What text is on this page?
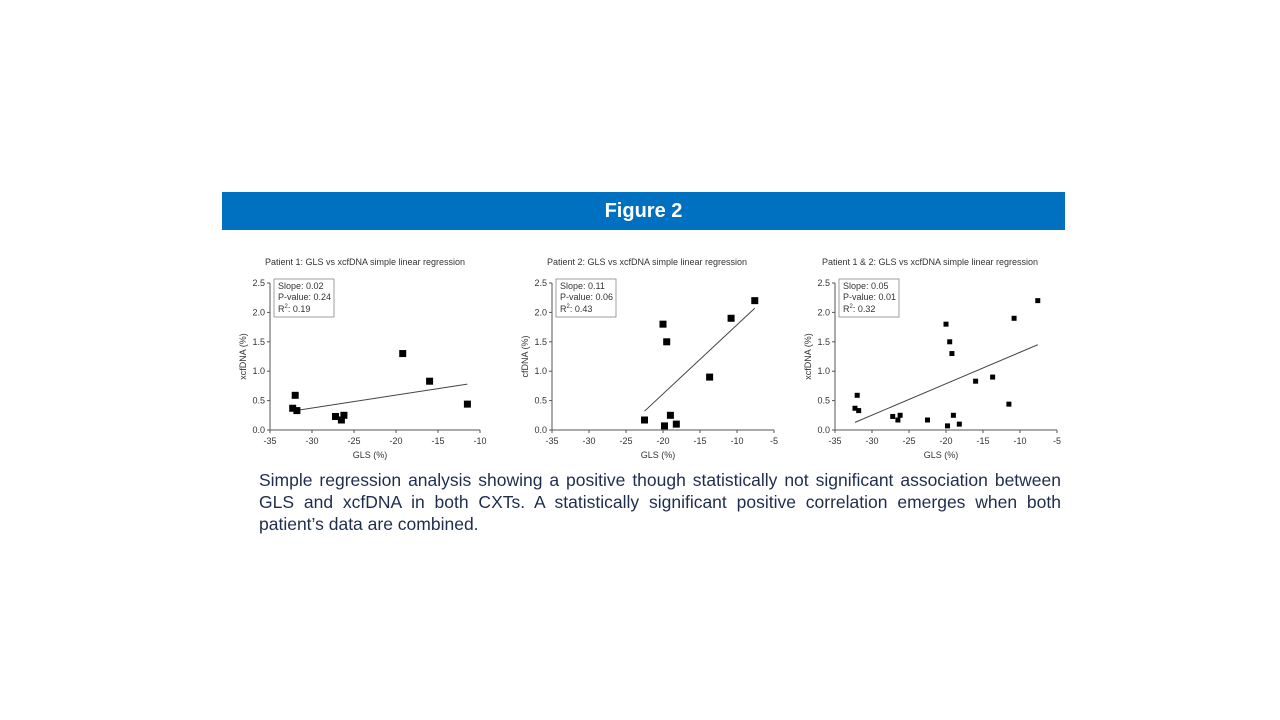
Figure 2
Patient 1: GLS vs xcfDNA simple linear regression
0.0
0.5
1.0
1.5
2.0
2.5
-35	-30	-25	-20	-15	-10
GLS (%)
xcfDNA (%)
Slope: 0.02
P-value: 0.24
$R^2$: 0.19
Patient 2: GLS vs xcfDNA simple linear regression
0.0
0.5
1.0
1.5
2.0
2.5
-35	-30	-25	-20	-15	-10	-5
GLS (%)
cfDNA (%)
Slope: 0.11
P-value: 0.06
$R^2$: 0.43
Patient 1 & 2: GLS vs xcfDNA simple linear regression
0.0
0.5
1.0
1.5
2.0
2.5
-35	-30	-25	-20	-15	-10	-5
GLS (%)
xcfDNA (%)
Slope: 0.05
P-value: 0.01
$R^2$: 0.32
Simple regression analysis showing a positive though statistically not significant association between GLS and xcfDNA in both CXTs. A statistically significant positive correlation emerges when both patient’s data are combined.
